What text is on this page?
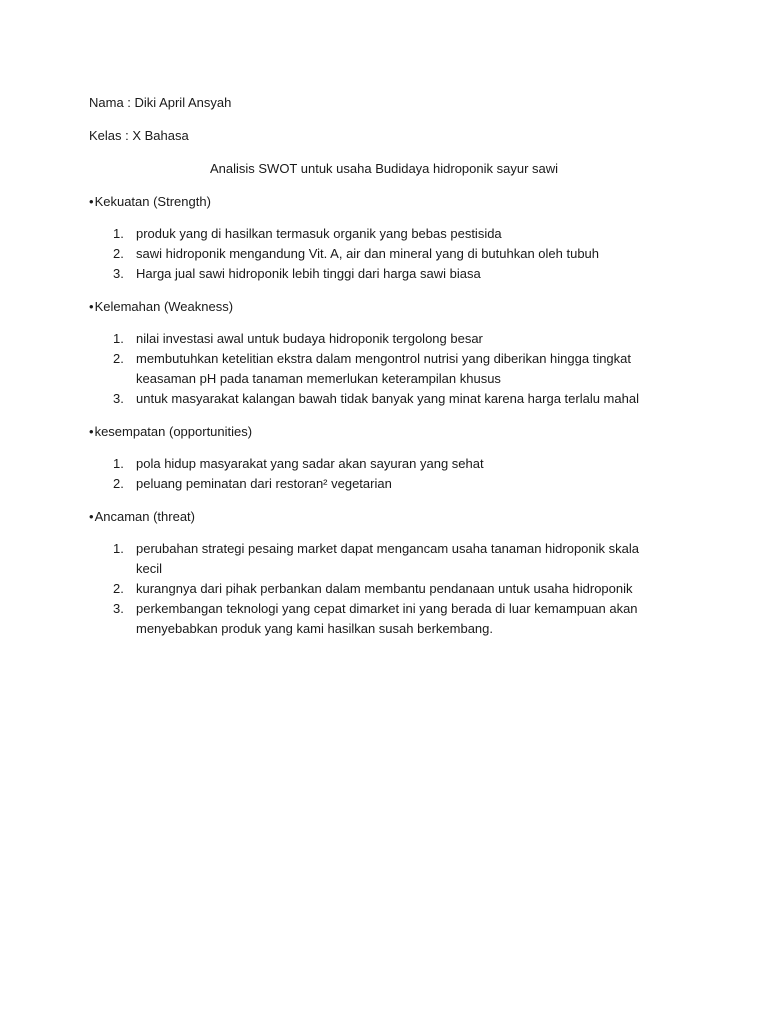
Nama : Diki April Ansyah

Kelas : X Bahasa

Analisis SWOT untuk usaha Budidaya hidroponik sayur sawi

•Kekuatan (Strength)

1. produk yang di hasilkan termasuk organik yang bebas pestisida
2. sawi hidroponik mengandung Vit. A, air dan mineral yang di butuhkan oleh tubuh
3. Harga jual sawi hidroponik lebih tinggi dari harga sawi biasa

•Kelemahan (Weakness)

1. nilai investasi awal untuk budaya hidroponik tergolong besar
2. membutuhkan ketelitian ekstra dalam mengontrol nutrisi yang diberikan hingga tingkat keasaman pH pada tanaman memerlukan keterampilan khusus
3. untuk masyarakat kalangan bawah tidak banyak yang minat karena harga terlalu mahal

•kesempatan (opportunities)

1. pola hidup masyarakat yang sadar akan sayuran yang sehat
2. peluang peminatan dari restoran² vegetarian

•Ancaman (threat)

1. perubahan strategi pesaing market dapat mengancam usaha tanaman hidroponik skala kecil
2. kurangnya dari pihak perbankan dalam membantu pendanaan untuk usaha hidroponik
3. perkembangan teknologi yang cepat dimarket ini yang berada di luar kemampuan akan menyebabkan produk yang kami hasilkan susah berkembang.
